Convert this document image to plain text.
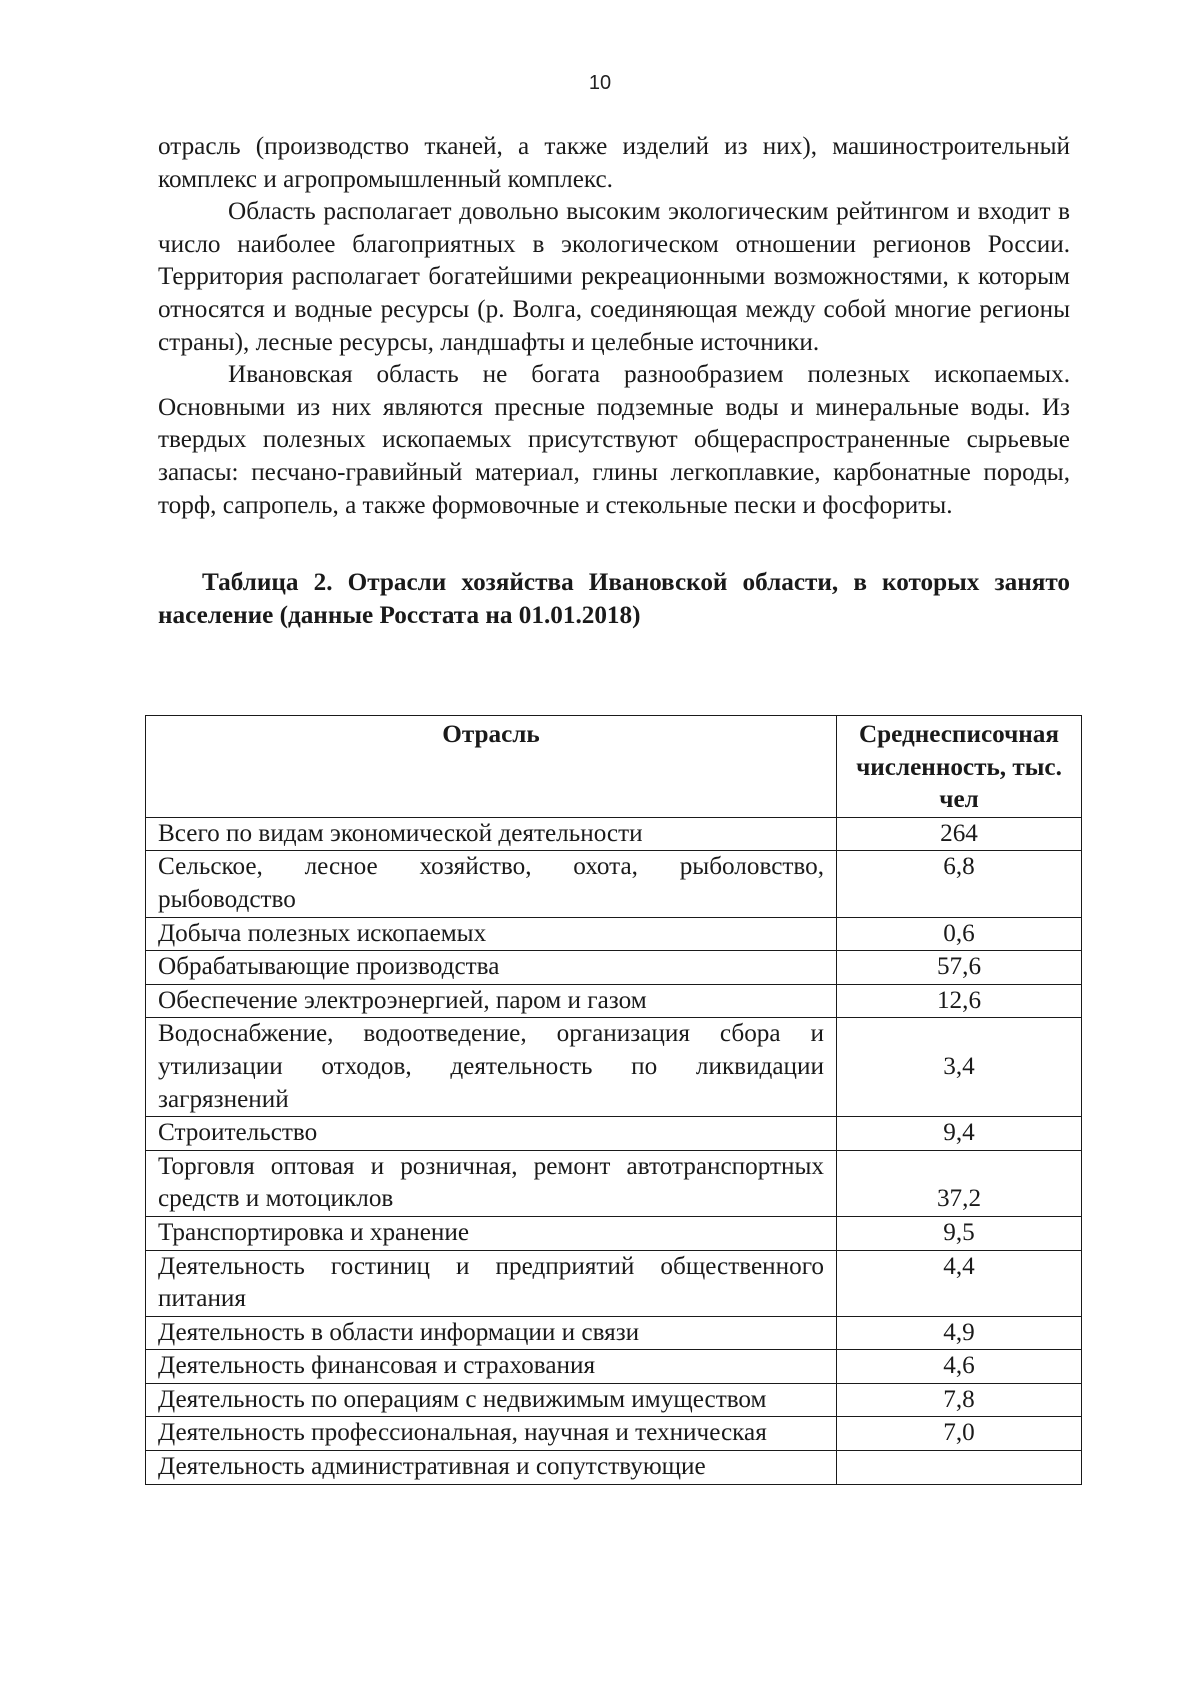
10

отрасль (производство тканей, а также изделий из них), машиностроительный комплекс и агропромышленный комплекс.

Область располагает довольно высоким экологическим рейтингом и входит в число наиболее благоприятных в экологическом отношении регионов России. Территория располагает богатейшими рекреационными возможностями, к которым относятся и водные ресурсы (р. Волга, соединяющая между собой многие регионы страны), лесные ресурсы, ландшафты и целебные источники.

Ивановская область не богата разнообразием полезных ископаемых. Основными из них являются пресные подземные воды и минеральные воды. Из твердых полезных ископаемых присутствуют общераспространенные сырьевые запасы: песчано-гравийный материал, глины легкоплавкие, карбонатные породы, торф, сапропель, а также формовочные и стекольные пески и фосфориты.

Таблица 2. Отрасли хозяйства Ивановской области, в которых занято население (данные Росстата на 01.01.2018)

Отрасль	Среднесписочная численность, тыс. чел
Всего по видам экономической деятельности	264
Сельское, лесное хозяйство, охота, рыболовство, рыбоводство	6,8
Добыча полезных ископаемых	0,6
Обрабатывающие производства	57,6
Обеспечение электроэнергией, паром и газом	12,6
Водоснабжение, водоотведение, организация сбора и утилизации отходов, деятельность по ликвидации загрязнений	3,4
Строительство	9,4
Торговля оптовая и розничная, ремонт автотранспортных средств и мотоциклов	37,2
Транспортировка и хранение	9,5
Деятельность гостиниц и предприятий общественного питания	4,4
Деятельность в области информации и связи	4,9
Деятельность финансовая и страхования	4,6
Деятельность по операциям с недвижимым имуществом	7,8
Деятельность профессиональная, научная и техническая	7,0
Деятельность административная и сопутствующие	
